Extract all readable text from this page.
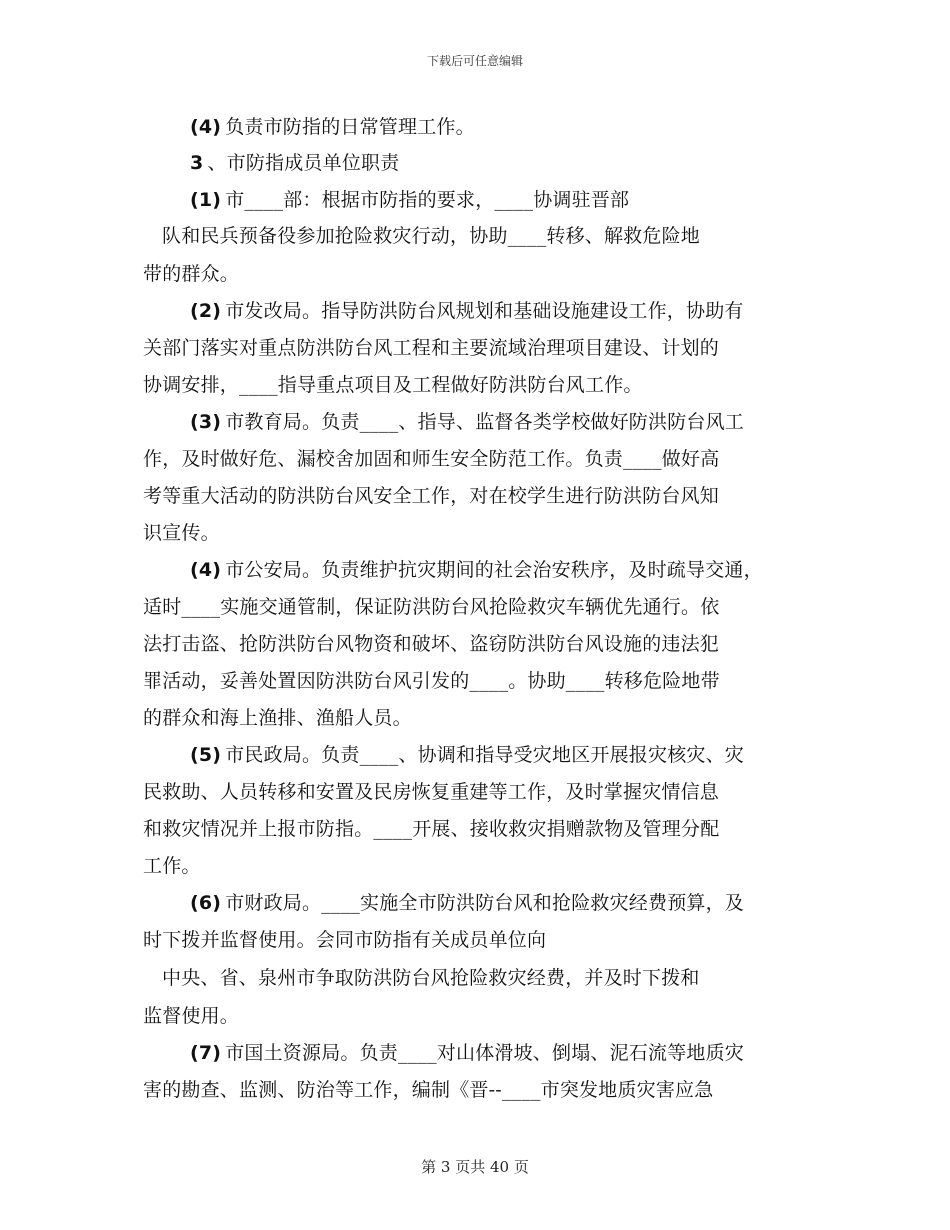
下载后可任意编辑
(4) 负责市防指的日常管理工作。
3 、市防指成员单位职责
(1) 市____部：根据市防指的要求，____协调驻晋部
队和民兵预备役参加抢险救灾行动，协助____转移、解救危险地
带的群众。
(2) 市发改局。指导防洪防台风规划和基础设施建设工作，协助有
关部门落实对重点防洪防台风工程和主要流域治理项目建设、计划的
协调安排，____指导重点项目及工程做好防洪防台风工作。
(3) 市教育局。负责____、指导、监督各类学校做好防洪防台风工
作，及时做好危、漏校舍加固和师生安全防范工作。负责____做好高
考等重大活动的防洪防台风安全工作，对在校学生进行防洪防台风知
识宣传。
(4) 市公安局。负责维护抗灾期间的社会治安秩序，及时疏导交通，
适时____实施交通管制，保证防洪防台风抢险救灾车辆优先通行。依
法打击盗、抢防洪防台风物资和破坏、盗窃防洪防台风设施的违法犯
罪活动，妥善处置因防洪防台风引发的____。协助____转移危险地带
的群众和海上渔排、渔船人员。
(5) 市民政局。负责____、协调和指导受灾地区开展报灾核灾、灾
民救助、人员转移和安置及民房恢复重建等工作，及时掌握灾情信息
和救灾情况并上报市防指。____开展、接收救灾捐赠款物及管理分配
工作。
(6) 市财政局。____实施全市防洪防台风和抢险救灾经费预算，及
时下拨并监督使用。会同市防指有关成员单位向
中央、省、泉州市争取防洪防台风抢险救灾经费，并及时下拨和
监督使用。
(7) 市国土资源局。负责____对山体滑坡、倒塌、泥石流等地质灾
害的勘查、监测、防治等工作，编制《晋--____市突发地质灾害应急
第 3 页共 40 页
